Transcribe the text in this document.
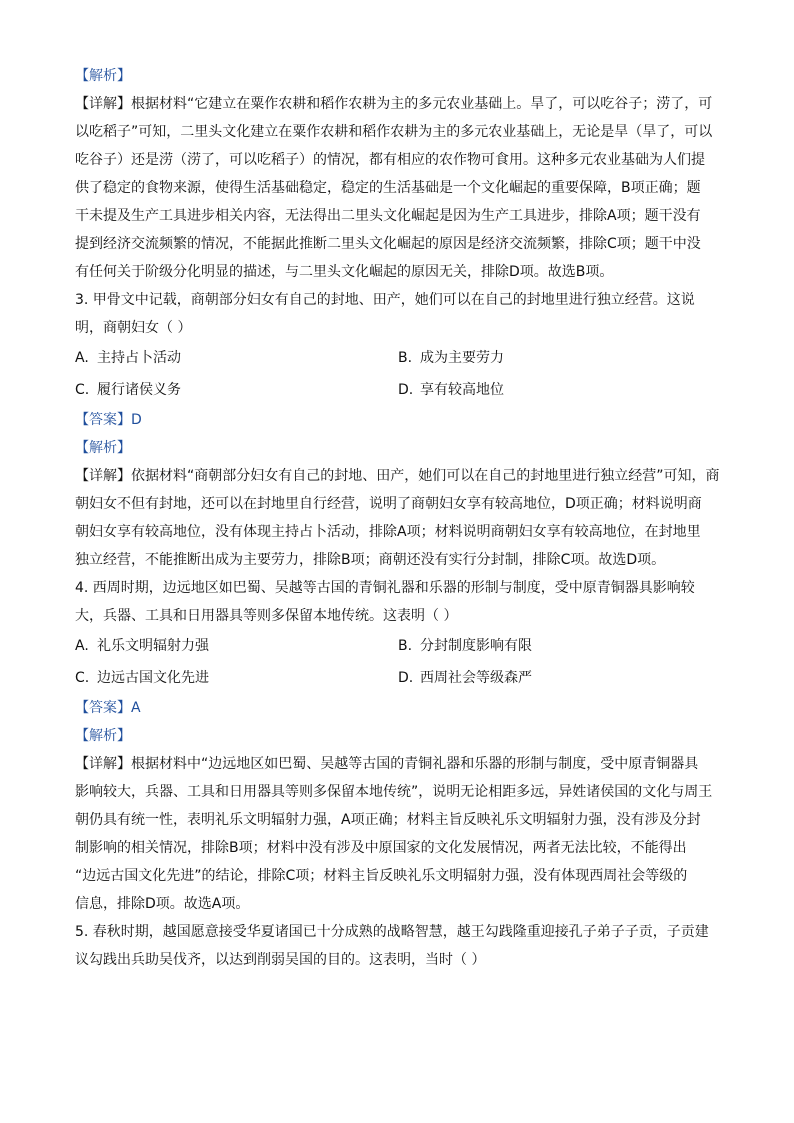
【解析】
【详解】根据材料“它建立在粟作农耕和稻作农耕为主的多元农业基础上。旱了，可以吃谷子；涝了，可
以吃稻子”可知，二里头文化建立在粟作农耕和稻作农耕为主的多元农业基础上，无论是旱（旱了，可以
吃谷子）还是涝（涝了，可以吃稻子）的情况，都有相应的农作物可食用。这种多元农业基础为人们提
供了稳定的食物来源，使得生活基础稳定，稳定的生活基础是一个文化崛起的重要保障，B项正确；题
干未提及生产工具进步相关内容，无法得出二里头文化崛起是因为生产工具进步，排除A项；题干没有
提到经济交流频繁的情况，不能据此推断二里头文化崛起的原因是经济交流频繁，排除C项；题干中没
有任何关于阶级分化明显的描述，与二里头文化崛起的原因无关，排除D项。故选B项。
3. 甲骨文中记载，商朝部分妇女有自己的封地、田产，她们可以在自己的封地里进行独立经营。这说
明，商朝妇女（ ）
A. 主持占卜活动	B. 成为主要劳力
C. 履行诸侯义务	D. 享有较高地位
【答案】D
【解析】
【详解】依据材料“商朝部分妇女有自己的封地、田产，她们可以在自己的封地里进行独立经营”可知，商
朝妇女不但有封地，还可以在封地里自行经营，说明了商朝妇女享有较高地位，D项正确；材料说明商
朝妇女享有较高地位，没有体现主持占卜活动，排除A项；材料说明商朝妇女享有较高地位，在封地里
独立经营，不能推断出成为主要劳力，排除B项；商朝还没有实行分封制，排除C项。故选D项。
4. 西周时期，边远地区如巴蜀、吴越等古国的青铜礼器和乐器的形制与制度，受中原青铜器具影响较
大，兵器、工具和日用器具等则多保留本地传统。这表明（ ）
A. 礼乐文明辐射力强	B. 分封制度影响有限
C. 边远古国文化先进	D. 西周社会等级森严
【答案】A
【解析】
【详解】根据材料中“边远地区如巴蜀、吴越等古国的青铜礼器和乐器的形制与制度，受中原青铜器具
影响较大，兵器、工具和日用器具等则多保留本地传统”，说明无论相距多远，异姓诸侯国的文化与周王
朝仍具有统一性，表明礼乐文明辐射力强，A项正确；材料主旨反映礼乐文明辐射力强，没有涉及分封
制影响的相关情况，排除B项；材料中没有涉及中原国家的文化发展情况，两者无法比较，不能得出
“边远古国文化先进”的结论，排除C项；材料主旨反映礼乐文明辐射力强，没有体现西周社会等级的
信息，排除D项。故选A项。
5. 春秋时期，越国愿意接受华夏诸国已十分成熟的战略智慧，越王勾践隆重迎接孔子弟子子贡，子贡建
议勾践出兵助吴伐齐，以达到削弱吴国的目的。这表明，当时（ ）
